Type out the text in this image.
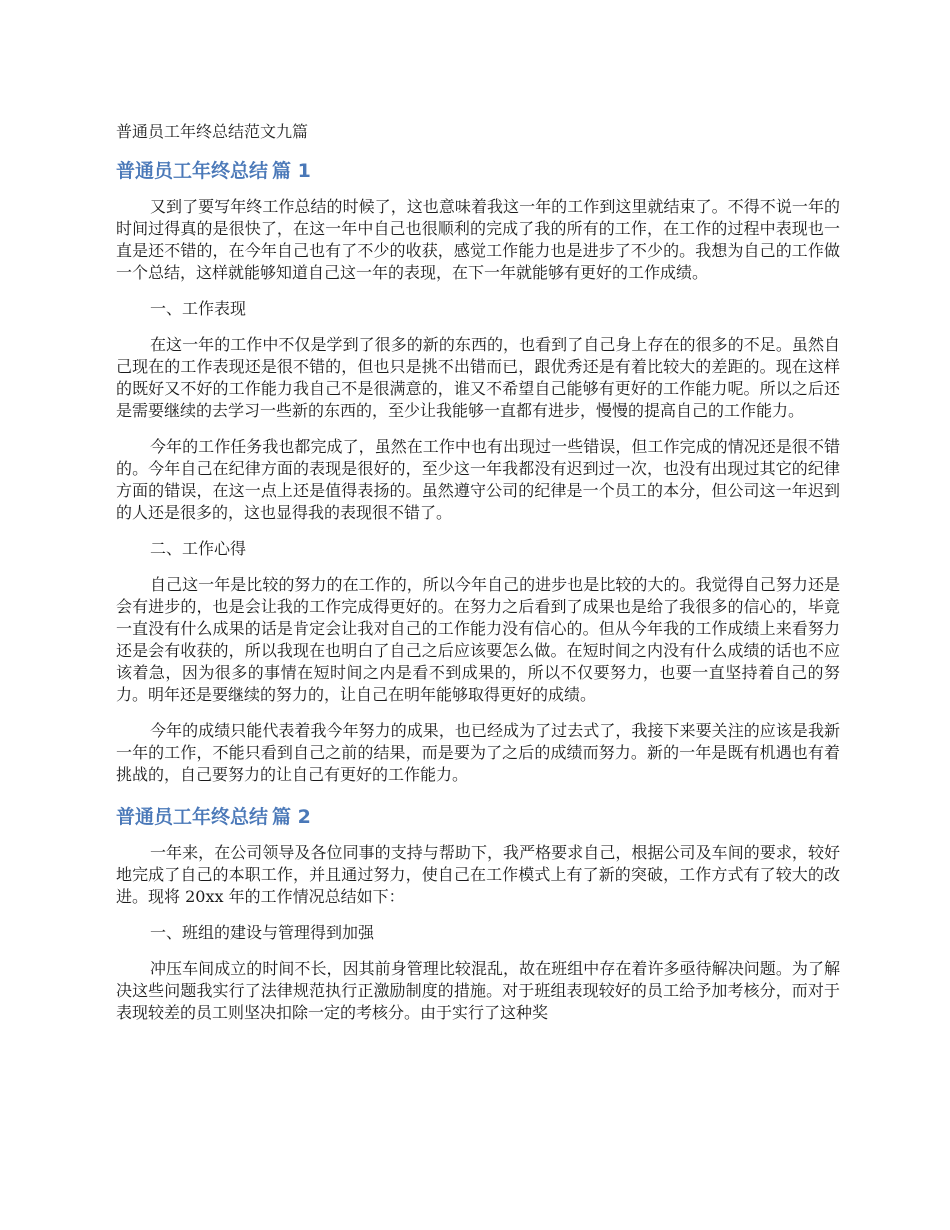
普通员工年终总结范文九篇
普通员工年终总结 篇 1

又到了要写年终工作总结的时候了，这也意味着我这一年的工作到这里就结束了。不得不说一年的时间过得真的是很快了，在这一年中自己也很顺利的完成了我的所有的工作，在工作的过程中表现也一直是还不错的，在今年自己也有了不少的收获，感觉工作能力也是进步了不少的。我想为自己的工作做一个总结，这样就能够知道自己这一年的表现，在下一年就能够有更好的工作成绩。

一、工作表现

在这一年的工作中不仅是学到了很多的新的东西的，也看到了自己身上存在的很多的不足。虽然自己现在的工作表现还是很不错的，但也只是挑不出错而已，跟优秀还是有着比较大的差距的。现在这样的既好又不好的工作能力我自己不是很满意的，谁又不希望自己能够有更好的工作能力呢。所以之后还是需要继续的去学习一些新的东西的，至少让我能够一直都有进步，慢慢的提高自己的工作能力。

今年的工作任务我也都完成了，虽然在工作中也有出现过一些错误，但工作完成的情况还是很不错的。今年自己在纪律方面的表现是很好的，至少这一年我都没有迟到过一次，也没有出现过其它的纪律方面的错误，在这一点上还是值得表扬的。虽然遵守公司的纪律是一个员工的本分，但公司这一年迟到的人还是很多的，这也显得我的表现很不错了。

二、工作心得

自己这一年是比较的努力的在工作的，所以今年自己的进步也是比较的大的。我觉得自己努力还是会有进步的，也是会让我的工作完成得更好的。在努力之后看到了成果也是给了我很多的信心的，毕竟一直没有什么成果的话是肯定会让我对自己的工作能力没有信心的。但从今年我的工作成绩上来看努力还是会有收获的，所以我现在也明白了自己之后应该要怎么做。在短时间之内没有什么成绩的话也不应该着急，因为很多的事情在短时间之内是看不到成果的，所以不仅要努力，也要一直坚持着自己的努力。明年还是要继续的努力的，让自己在明年能够取得更好的成绩。

今年的成绩只能代表着我今年努力的成果，也已经成为了过去式了，我接下来要关注的应该是我新一年的工作，不能只看到自己之前的结果，而是要为了之后的成绩而努力。新的一年是既有机遇也有着挑战的，自己要努力的让自己有更好的工作能力。

普通员工年终总结 篇 2

一年来，在公司领导及各位同事的支持与帮助下，我严格要求自己，根据公司及车间的要求，较好地完成了自己的本职工作，并且通过努力，使自己在工作模式上有了新的突破，工作方式有了较大的改进。现将 20xx 年的工作情况总结如下：

一、班组的建设与管理得到加强

冲压车间成立的时间不长，因其前身管理比较混乱，故在班组中存在着许多亟待解决问题。为了解决这些问题我实行了法律规范执行正激励制度的措施。对于班组表现较好的员工给予加考核分，而对于表现较差的员工则坚决扣除一定的考核分。由于实行了这种奖
